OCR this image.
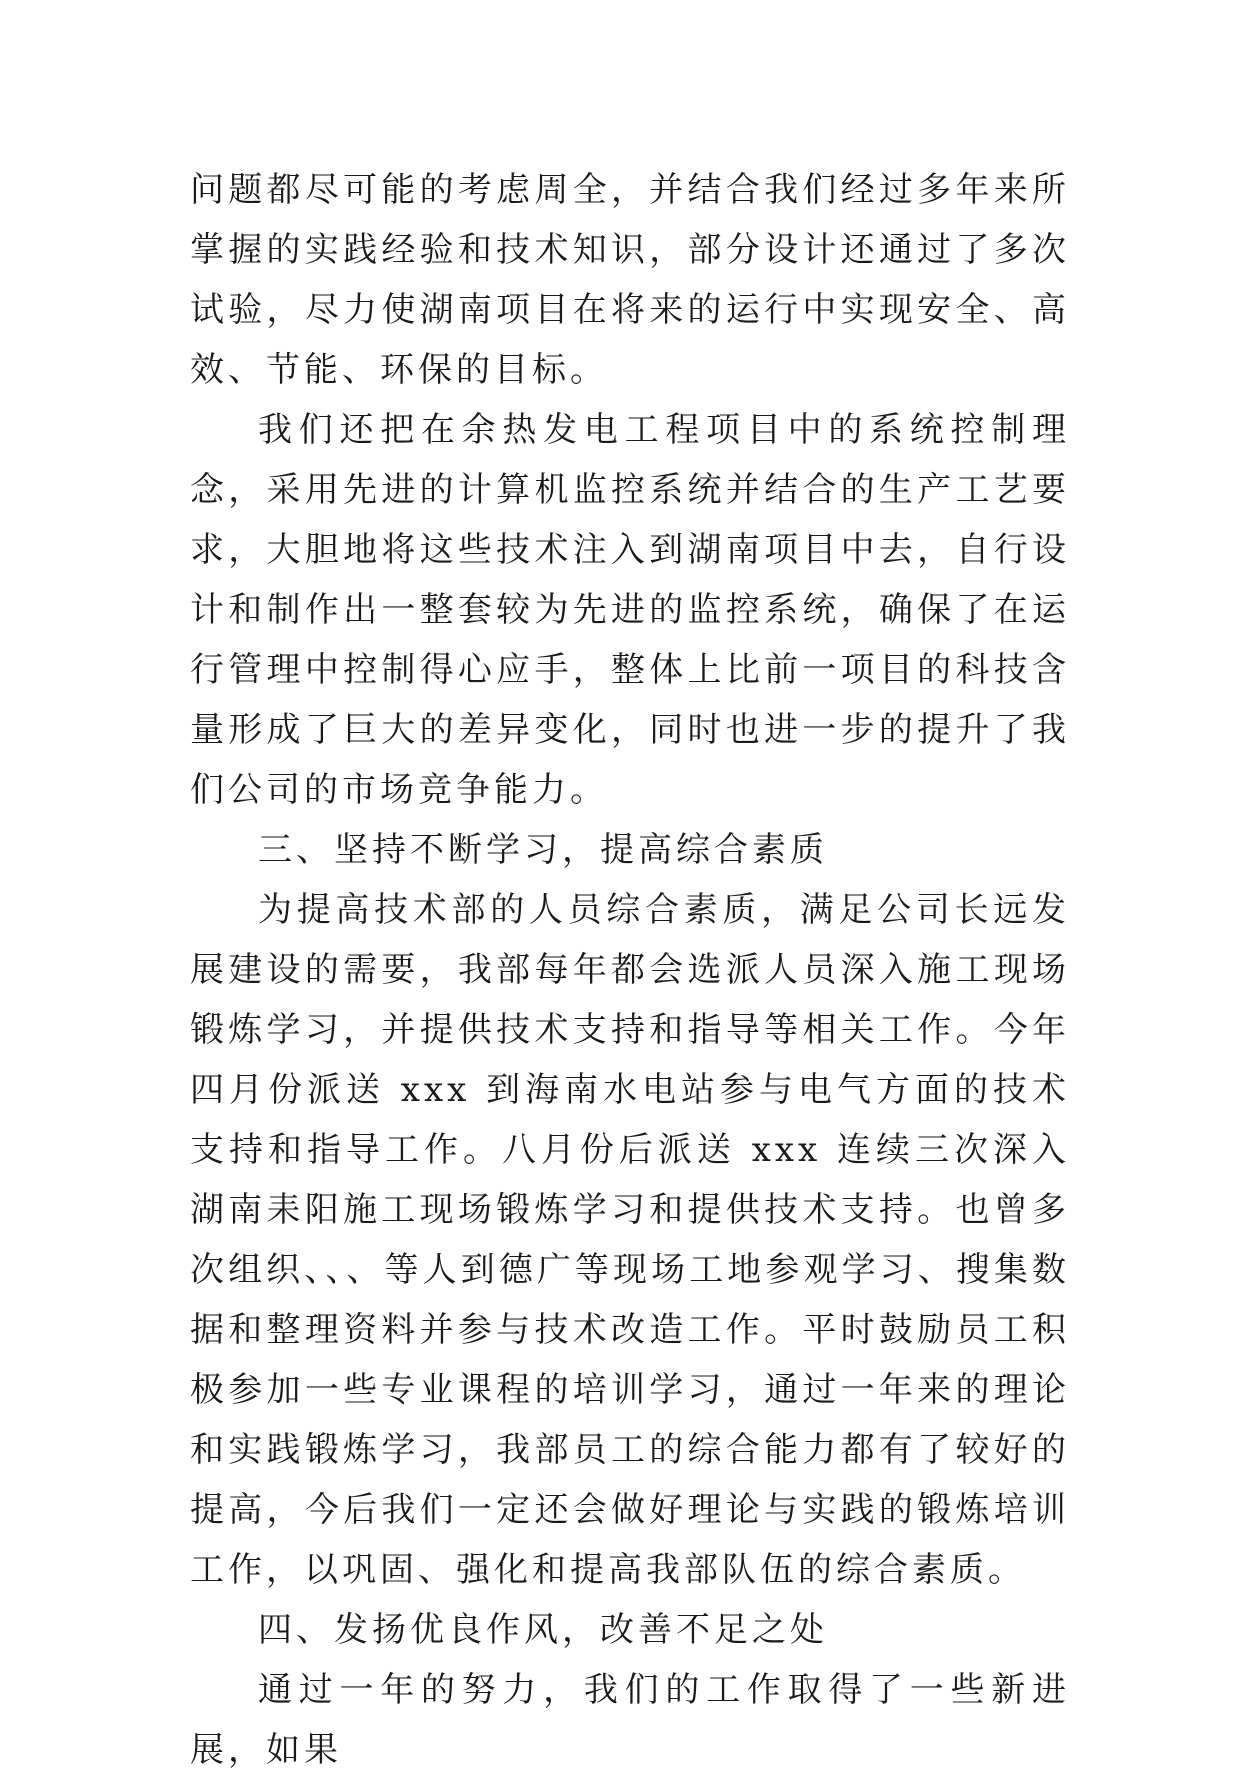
问题都尽可能的考虑周全，并结合我们经过多年来所掌握的实践经验和技术知识，部分设计还通过了多次试验，尽力使湖南项目在将来的运行中实现安全、高效、节能、环保的目标。

我们还把在余热发电工程项目中的系统控制理念，采用先进的计算机监控系统并结合的生产工艺要求，大胆地将这些技术注入到湖南项目中去，自行设计和制作出一整套较为先进的监控系统，确保了在运行管理中控制得心应手，整体上比前一项目的科技含量形成了巨大的差异变化，同时也进一步的提升了我们公司的市场竞争能力。

三、坚持不断学习，提高综合素质

为提高技术部的人员综合素质，满足公司长远发展建设的需要，我部每年都会选派人员深入施工现场锻炼学习，并提供技术支持和指导等相关工作。今年四月份派送 xxx 到海南水电站参与电气方面的技术支持和指导工作。八月份后派送 xxx 连续三次深入湖南耒阳施工现场锻炼学习和提供技术支持。也曾多次组织、、、等人到德广等现场工地参观学习、搜集数据和整理资料并参与技术改造工作。平时鼓励员工积极参加一些专业课程的培训学习，通过一年来的理论和实践锻炼学习，我部员工的综合能力都有了较好的提高，今后我们一定还会做好理论与实践的锻炼培训工作，以巩固、强化和提高我部队伍的综合素质。

四、发扬优良作风，改善不足之处

通过一年的努力，我们的工作取得了一些新进展，如果
